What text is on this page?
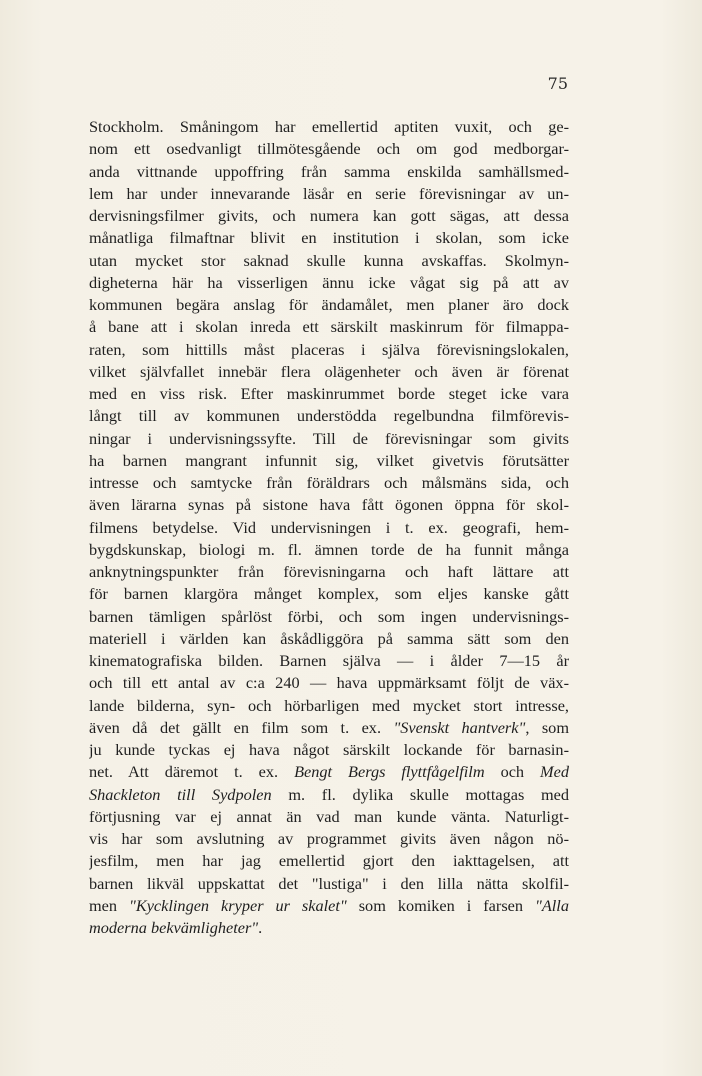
75
Stockholm. Småningom har emellertid aptiten vuxit, och ge-
nom ett osedvanligt tillmötesgående och om god medborgar-
anda vittnande uppoffring från samma enskilda samhällsmed-
lem har under innevarande läsår en serie förevisningar av un-
dervisningsfilmer givits, och numera kan gott sägas, att dessa
månatliga filmaftnar blivit en institution i skolan, som icke
utan mycket stor saknad skulle kunna avskaffas. Skolmyn-
digheterna här ha visserligen ännu icke vågat sig på att av
kommunen begära anslag för ändamålet, men planer äro dock
å bane att i skolan inreda ett särskilt maskinrum för filmappa-
raten, som hittills måst placeras i själva förevisningslokalen,
vilket självfallet innebär flera olägenheter och även är förenat
med en viss risk. Efter maskinrummet borde steget icke vara
långt till av kommunen understödda regelbundna filmförevis-
ningar i undervisningssyfte. Till de förevisningar som givits
ha barnen mangrant infunnit sig, vilket givetvis förutsätter
intresse och samtycke från föräldrars och målsmäns sida, och
även lärarna synas på sistone hava fått ögonen öppna för skol-
filmens betydelse. Vid undervisningen i t. ex. geografi, hem-
bygdskunskap, biologi m. fl. ämnen torde de ha funnit många
anknytningspunkter från förevisningarna och haft lättare att
för barnen klargöra månget komplex, som eljes kanske gått
barnen tämligen spårlöst förbi, och som ingen undervisnings-
materiell i världen kan åskådliggöra på samma sätt som den
kinematografiska bilden. Barnen själva — i ålder 7—15 år
och till ett antal av c:a 240 — hava uppmärksamt följt de väx-
lande bilderna, syn- och hörbarligen med mycket stort intresse,
även då det gällt en film som t. ex. "Svenskt hantverk", som
ju kunde tyckas ej hava något särskilt lockande för barnasin-
net. Att däremot t. ex. Bengt Bergs flyttfågelfilm och Med
Shackleton till Sydpolen m. fl. dylika skulle mottagas med
förtjusning var ej annat än vad man kunde vänta. Naturligt-
vis har som avslutning av programmet givits även någon nö-
jesfilm, men har jag emellertid gjort den iakttagelsen, att
barnen likväl uppskattat det "lustiga" i den lilla nätta skolfil-
men "Kycklingen kryper ur skalet" som komiken i farsen "Alla
moderna bekvämligheter".
